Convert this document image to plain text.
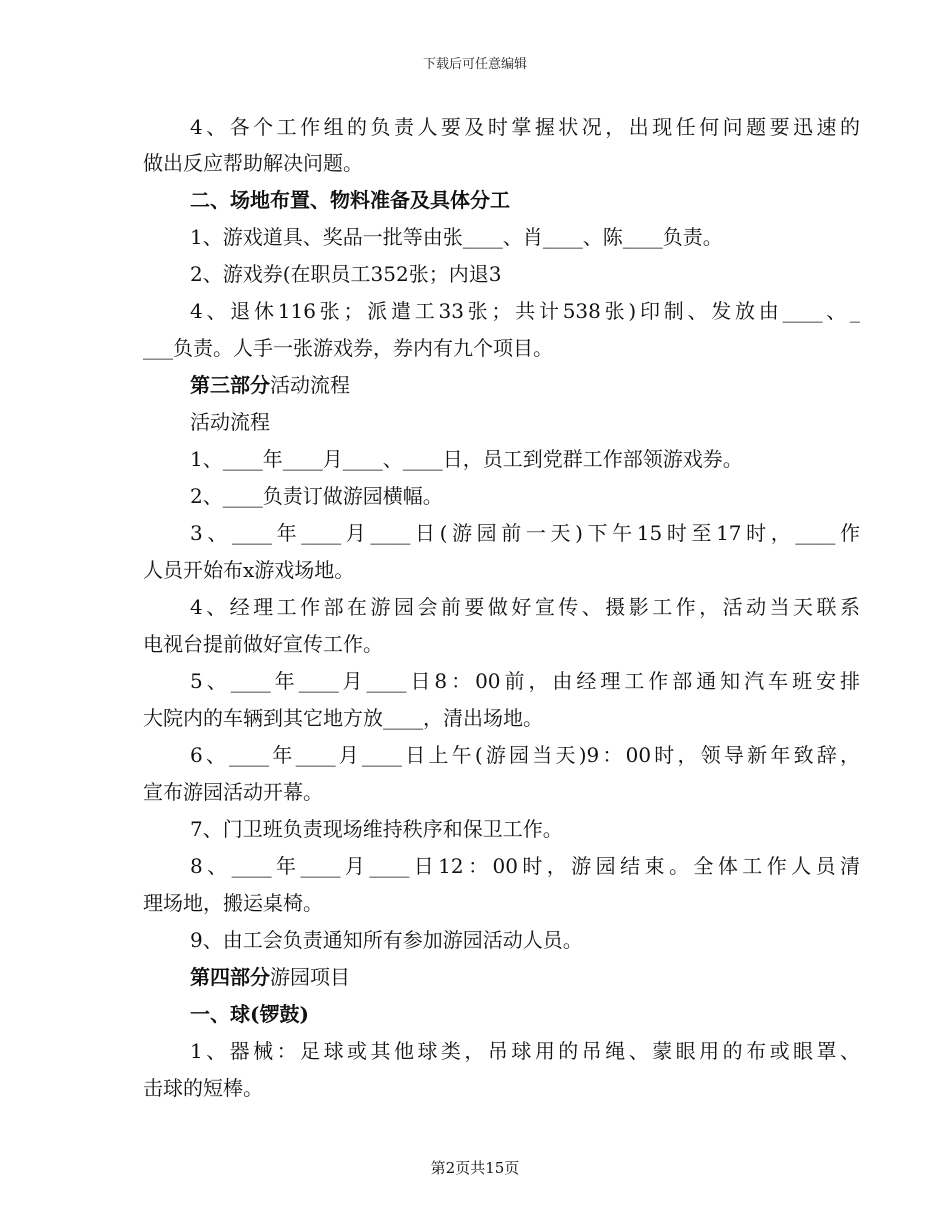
下载后可任意编辑
4、各个工作组的负责人要及时掌握状况，出现任何问题要迅速的
做出反应帮助解决问题。
二、场地布置、物料准备及具体分工
1、游戏道具、奖品一批等由张____、肖____、陈____负责。
2、游戏券(在职员工352张；内退3
4、退休116张；派遣工33张；共计538张)印制、发放由____、_
___负责。人手一张游戏券，券内有九个项目。
第三部分活动流程
活动流程
1、____年____月____、____日，员工到党群工作部领游戏券。
2、____负责订做游园横幅。
3、____年____月____日(游园前一天)下午15时至17时，____作
人员开始布x游戏场地。
4、经理工作部在游园会前要做好宣传、摄影工作，活动当天联系
电视台提前做好宣传工作。
5、____年____月____日8：00前，由经理工作部通知汽车班安排
大院内的车辆到其它地方放____，清出场地。
6、____年____月____日上午(游园当天)9：00时，领导新年致辞，
宣布游园活动开幕。
7、门卫班负责现场维持秩序和保卫工作。
8、____年____月____日12：00时，游园结束。全体工作人员清
理场地，搬运桌椅。
9、由工会负责通知所有参加游园活动人员。
第四部分游园项目
一、球(锣鼓)
1、器械：足球或其他球类，吊球用的吊绳、蒙眼用的布或眼罩、
击球的短棒。
第2页共15页
